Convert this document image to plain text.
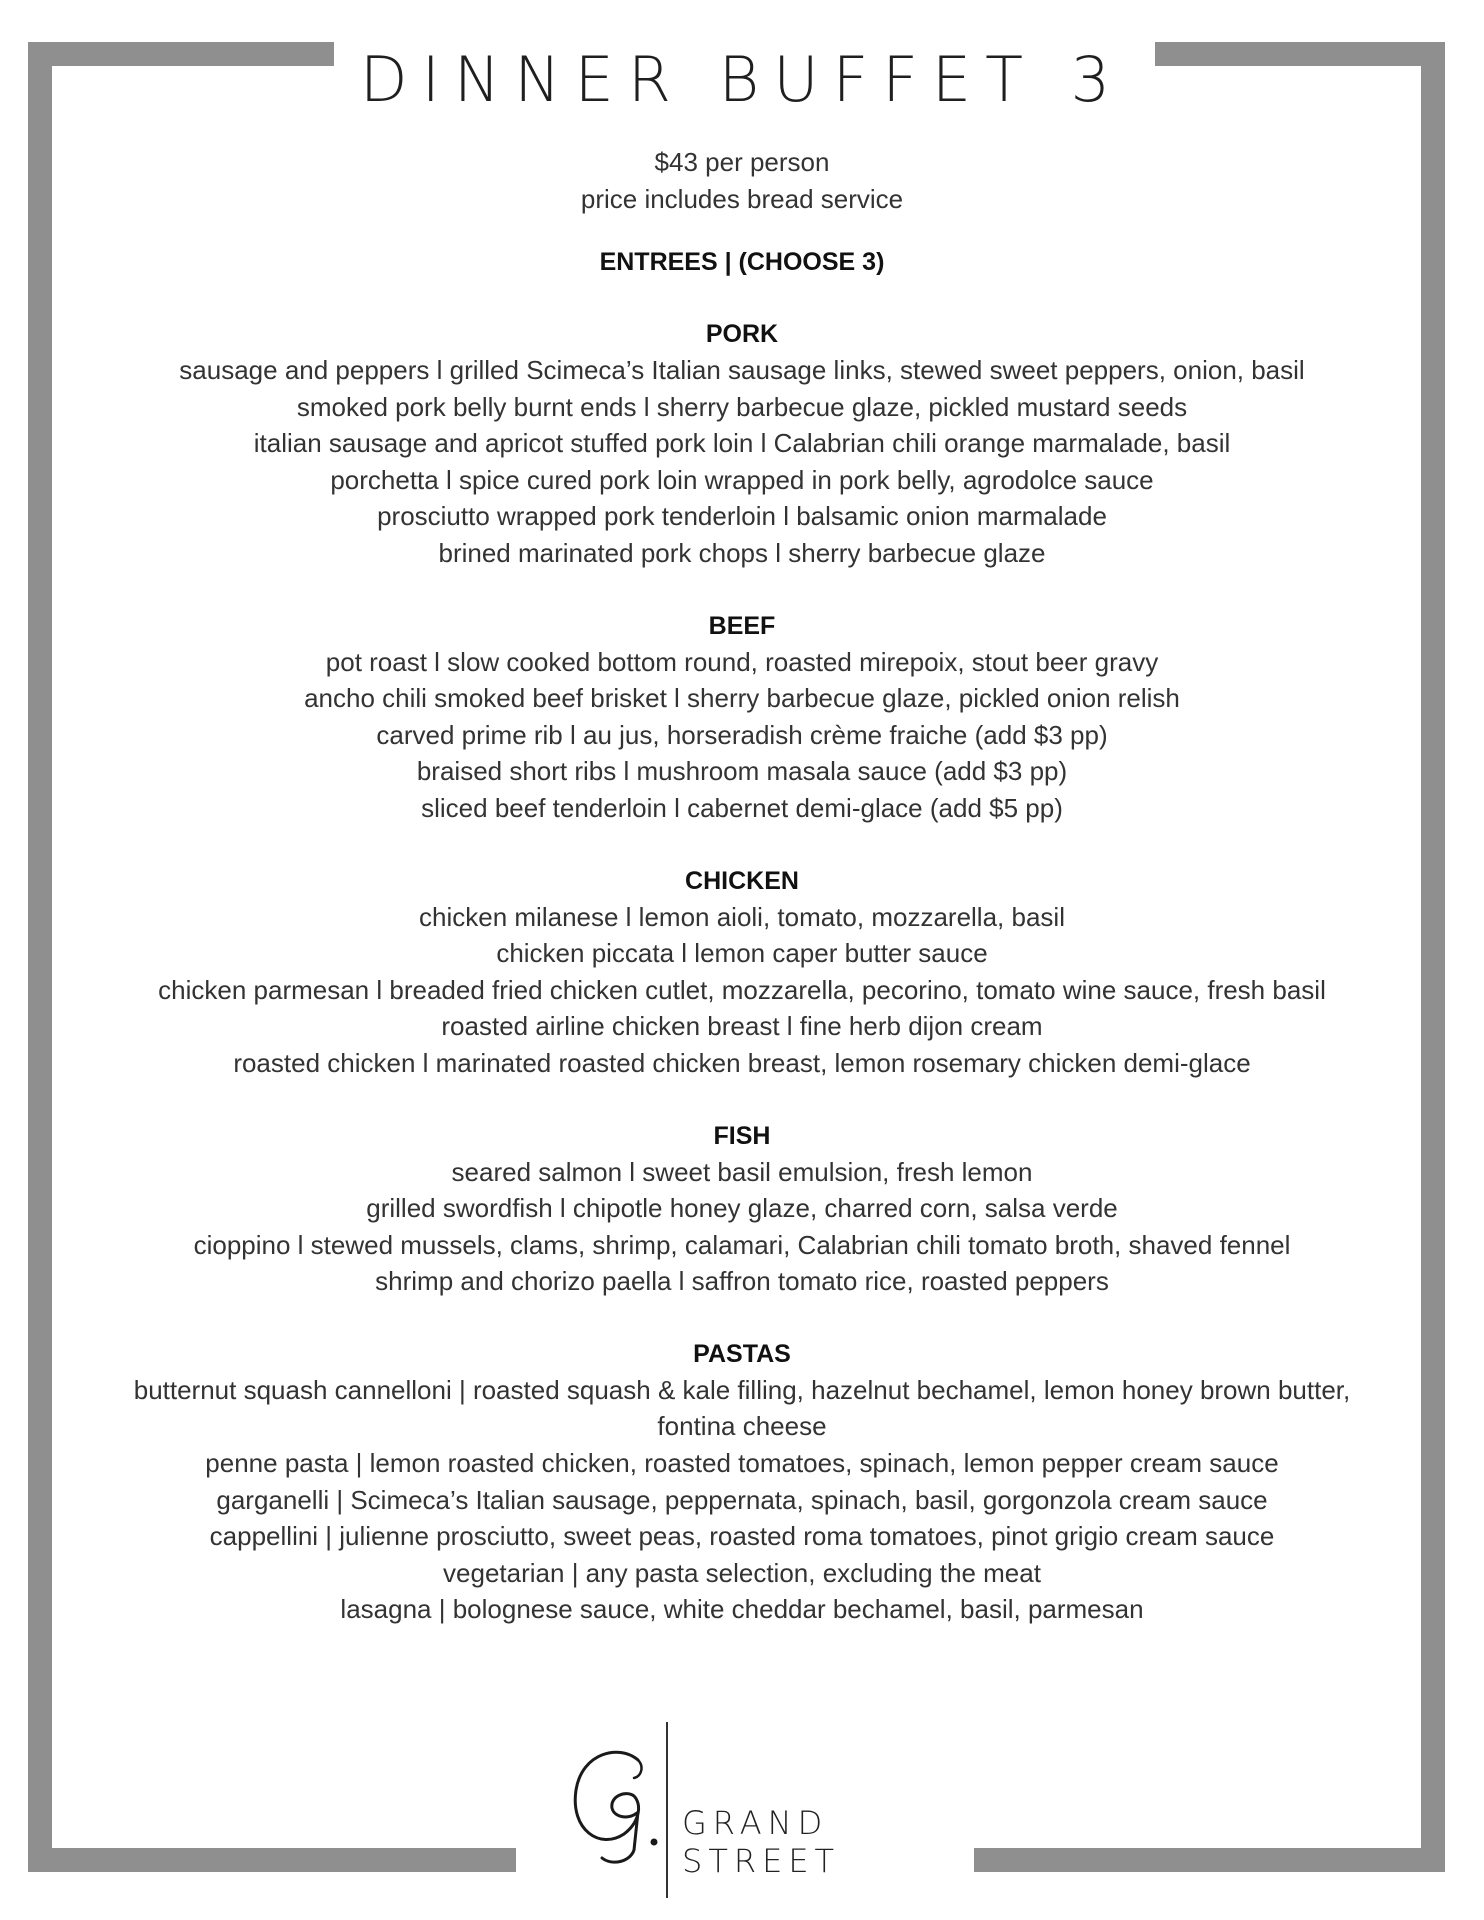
DINNER BUFFET 3
$43 per person
price includes bread service
ENTREES | (CHOOSE 3)
PORK
sausage and peppers l grilled Scimeca’s Italian sausage links, stewed sweet peppers, onion, basil
smoked pork belly burnt ends l sherry barbecue glaze, pickled mustard seeds
italian sausage and apricot stuffed pork loin l Calabrian chili orange marmalade, basil
porchetta l spice cured pork loin wrapped in pork belly, agrodolce sauce
prosciutto wrapped pork tenderloin l balsamic onion marmalade
brined marinated pork chops l sherry barbecue glaze
BEEF
pot roast l slow cooked bottom round, roasted mirepoix, stout beer gravy
ancho chili smoked beef brisket l sherry barbecue glaze, pickled onion relish
carved prime rib l au jus, horseradish crème fraiche (add $3 pp)
braised short ribs l mushroom masala sauce (add $3 pp)
sliced beef tenderloin l cabernet demi-glace (add $5 pp)
CHICKEN
chicken milanese l lemon aioli, tomato, mozzarella, basil
chicken piccata l lemon caper butter sauce
chicken parmesan l breaded fried chicken cutlet, mozzarella, pecorino, tomato wine sauce, fresh basil
roasted airline chicken breast l fine herb dijon cream
roasted chicken l marinated roasted chicken breast, lemon rosemary chicken demi-glace
FISH
seared salmon l sweet basil emulsion, fresh lemon
grilled swordfish l chipotle honey glaze, charred corn, salsa verde
cioppino l stewed mussels, clams, shrimp, calamari, Calabrian chili tomato broth, shaved fennel
shrimp and chorizo paella l saffron tomato rice, roasted peppers
PASTAS
butternut squash cannelloni | roasted squash & kale filling, hazelnut bechamel, lemon honey brown butter, fontina cheese
penne pasta | lemon roasted chicken, roasted tomatoes, spinach, lemon pepper cream sauce
garganelli | Scimeca’s Italian sausage, peppernata, spinach, basil, gorgonzola cream sauce
cappellini | julienne prosciutto, sweet peas, roasted roma tomatoes, pinot grigio cream sauce
vegetarian | any pasta selection, excluding the meat
lasagna | bolognese sauce, white cheddar bechamel, basil, parmesan
GRAND STREET
